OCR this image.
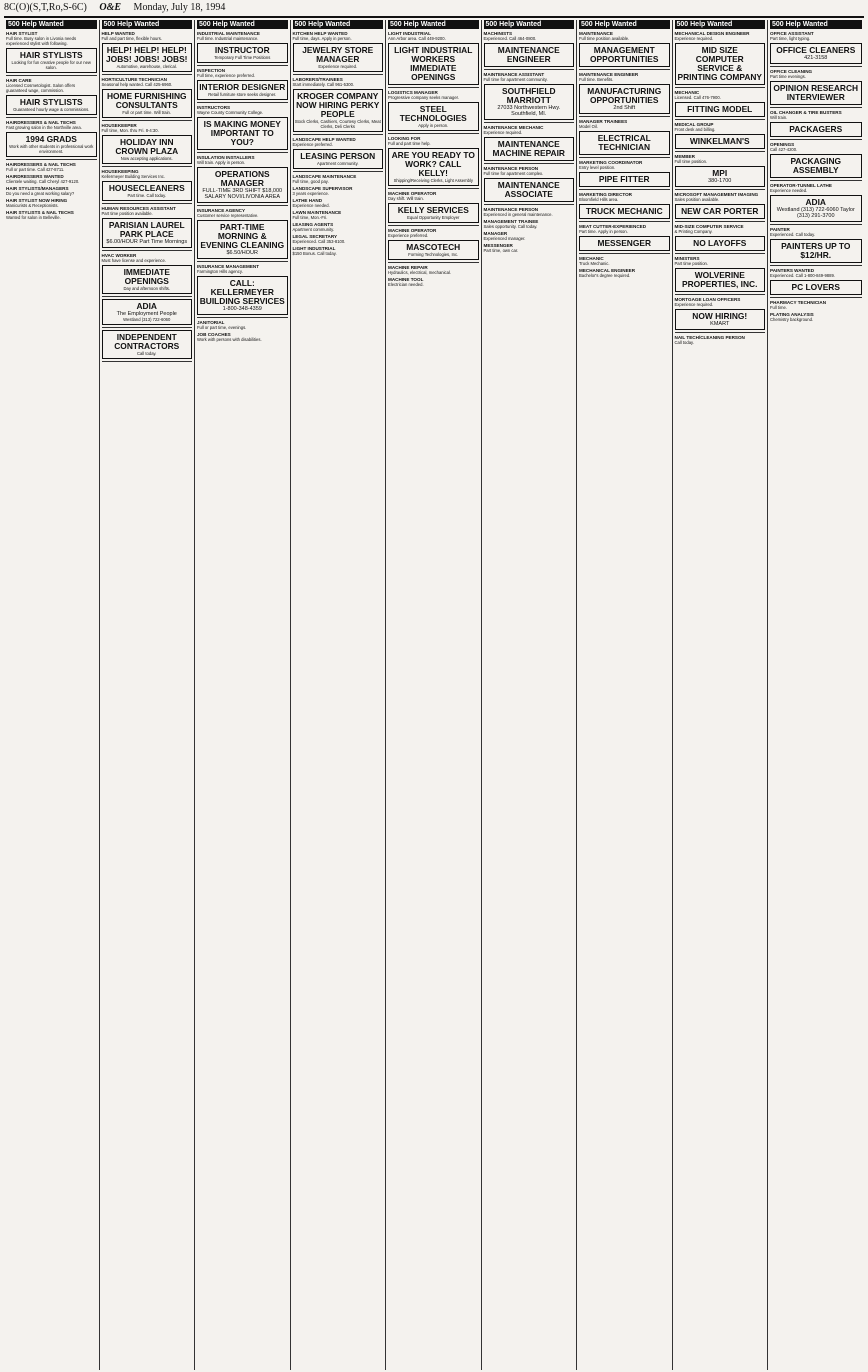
8C(O)(S,T,Ro,S-6C) O&E Monday, July 18, 1994
500 Help Wanted
HAIR STYLIST
Full time. Busy salon in Livonia needs experienced stylist with following.
HAIR STYLISTS
Looking for fun creative people for our new salon.
HAIR CARE
Licensed Cosmetologist. Salon offers guaranteed wage, commission.
HAIR STYLISTS
Guaranteed hourly wage & commissions.
HAIRDRESSERS & NAIL TECHS
Fast growing salon in the Northville area.
1994 GRADS
Work with other students in professional work environment.
HAIRDRESSERS & NAIL TECHS
Full or part time. Call 427-8711.
HAIRDRESSERS WANTED
Clientele waiting. Call Cheryl 427-9120.
HAIR STYLISTS/MANAGERS
Do you need a great working salary?
HAIR STYLIST NOW HIRING
Manicurists & Receptionists.
HAIR STYLISTS & NAIL TECHS
Wanted for salon in Belleville.
500 Help Wanted
HELP WANTED
Full and part time, flexible hours.
HELP! HELP! HELP! JOBS! JOBS! JOBS!
Automotive, warehouse, clerical.
HORTICULTURE TECHNICIAN
Seasonal help wanted. Call 425-6960.
HOME FURNISHING CONSULTANTS
Full or part time. Will train.
HOUSEKEEPER
Full time, Mon. thru Fri. 8-4:30.
HOLIDAY INN CROWN PLAZA
Now accepting applications.
HOUSEKEEPING
Kellermeyer Building Services Inc.
HOUSECLEANERS
Part time. Call today.
HUMAN RESOURCES ASSISTANT
Part time position available.
PARISIAN LAUREL PARK PLACE
$6.00/HOUR Part Time Mornings
HVAC WORKER
Must have license and experience.
IMMEDIATE OPENINGS
Day and afternoon shifts.
ADIA
The Employment People
Westland (313) 722-6060
INDEPENDENT CONTRACTORS
Call today.
500 Help Wanted
INDUSTRIAL MAINTENANCE
Full time. Industrial maintenance.
INSTRUCTOR
Temporary Full Time Positions
INSPECTION
Full time, experience preferred.
INTERIOR DESIGNER
Retail furniture store seeks designer.
INSTRUCTORS
Wayne County Community College.
IS MAKING MONEY IMPORTANT TO YOU?
INSULATION INSTALLERS
Will train. Apply in person.
OPERATIONS MANAGER
FULL-TIME 3RD SHIFT $18,000 SALARY NOVI/LIVONIA AREA
INSURANCE AGENCY
Customer service representative.
PART-TIME MORNING & EVENING CLEANING
$6.50/HOUR
INSURANCE MANAGEMENT
Farmington Hills agency.
CALL: KELLERMEYER BUILDING SERVICES
1-800-348-4359
JANITORIAL
Full or part time, evenings.
JOB COACHES
Work with persons with disabilities.
500 Help Wanted
KITCHEN HELP WANTED
Full time, days. Apply in person.
JEWELRY STORE MANAGER
Experience required.
LABORERS/TRAINEES
Start immediately. Call 961-5300.
KROGER COMPANY NOW HIRING PERKY PEOPLE
Stock Clerks, Cashiers, Courtesy Clerks, Meat Clerks, Deli Clerks
LANDSCAPE HELP WANTED
Experience preferred.
LEASING PERSON
Apartment community.
LANDSCAPE MAINTENANCE
Full time, good pay.
LANDSCAPE SUPERVISOR
3 years experience.
LATHE HAND
Experience needed.
LAWN MAINTENANCE
Full time, Mon.-Fri.
LEASING AGENTS
Apartment community.
LEGAL SECRETARY
Experienced. Call 353-8100.
LIGHT INDUSTRIAL
$150 Bonus. Call today.
500 Help Wanted
LIGHT INDUSTRIAL
Ann Arbor area. Call 449-9200.
LIGHT INDUSTRIAL WORKERS IMMEDIATE OPENINGS
LOGISTICS MANAGER
Progressive company seeks manager.
STEEL TECHNOLOGIES
Apply in person.
LOOKING FOR
Full and part time help.
ARE YOU READY TO WORK? CALL KELLY!
Shipping/Receiving Clerks, Light Assembly
MACHINE OPERATOR
Day shift. Will train.
KELLY SERVICES
Equal Opportunity Employer
MACHINE OPERATOR
Experience preferred.
MASCOTECH
Forming Technologies, Inc.
MACHINE REPAIR
Hydraulics, electrical, mechanical.
MACHINE TOOL
Electrician needed.
500 Help Wanted
MACHINISTS
Experienced. Call 464-0800.
MAINTENANCE ENGINEER
MAINTENANCE ASSISTANT
Full time for apartment community.
SOUTHFIELD MARRIOTT
27033 Northwestern Hwy. Southfield, MI.
MAINTENANCE MECHANIC
Experience required.
MAINTENANCE MACHINE REPAIR
MAINTENANCE PERSON
Full time for apartment complex.
MAINTENANCE ASSOCIATE
MAINTENANCE PERSON
Experienced in general maintenance.
MANAGEMENT TRAINEE
Sales opportunity. Call today.
MANAGER
Experienced manager.
MESSENGER
Part time, own car.
500 Help Wanted
MAINTENANCE
Full time position available.
MANAGEMENT OPPORTUNITIES
MAINTENANCE ENGINEER
Full time. Benefits.
MANUFACTURING OPPORTUNITIES
2nd Shift
MANAGER TRAINEES
Model Oil.
ELECTRICAL TECHNICIAN
MARKETING COORDINATOR
Entry level position.
PIPE FITTER
MARKETING DIRECTOR
Bloomfield Hills area.
TRUCK MECHANIC
MEAT CUTTER-EXPERIENCED
Part time. Apply in person.
MESSENGER
MECHANIC
Truck Mechanic.
MECHANICAL ENGINEER
Bachelor's degree required.
500 Help Wanted
MECHANICAL DESIGN ENGINEER
Experience required.
MID SIZE COMPUTER SERVICE & PRINTING COMPANY
MECHANIC
Licensed. Call 476-7900.
FITTING MODEL
MEDICAL GROUP
Front desk and billing.
WINKELMAN'S
MEMBER
Full time position.
MPI
380-1700
MICROSOFT MANAGEMENT IMAGING
Sales position available.
NEW CAR PORTER
MID-SIZE COMPUTER SERVICE
& Printing Company.
NO LAYOFFS
MINISTERS
Part time position.
WOLVERINE PROPERTIES, INC.
MORTGAGE LOAN OFFICERS
Experience required.
NOW HIRING!
KMART
NAIL TECH/CLEANING PERSON
Call today.
500 Help Wanted
OFFICE ASSISTANT
Part time, light typing.
OFFICE CLEANERS
421-3158
OFFICE CLEANING
Part time evenings.
OPINION RESEARCH INTERVIEWER
OIL CHANGER & TIRE BUSTERS
Will train.
PACKAGERS
OPENINGS
Call 427-4200.
PACKAGING ASSEMBLY
OPERATOR-TUNNEL LATHE
Experience needed.
ADIA
Westland (313) 722-6060 Taylor (313) 291-3700
PAINTER
Experienced. Call today.
PAINTERS UP TO $12/HR.
PAINTERS WANTED
Experienced. Call 1-800-849-9889.
PC LOVERS
PHARMACY TECHNICIAN
Full time.
PLATING ANALYSIS
Chemistry background.
